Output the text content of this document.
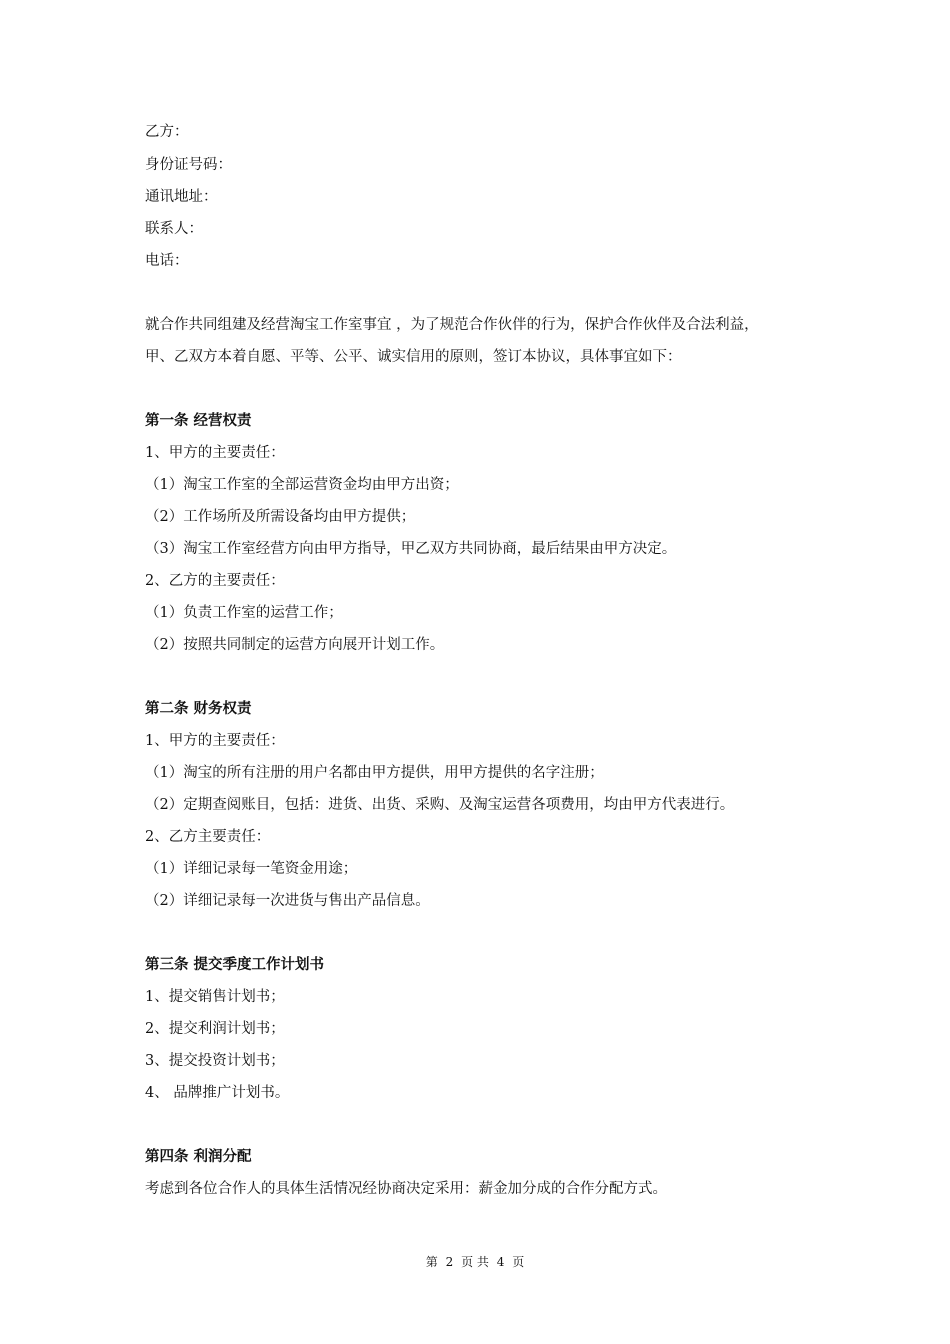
乙方：
身份证号码：
通讯地址：
联系人：
电话：
就合作共同组建及经营淘宝工作室事宜 ，为了规范合作伙伴的行为，保护合作伙伴及合法利益，
甲、乙双方本着自愿、平等、公平、诚实信用的原则，签订本协议，具体事宜如下：
第一条 经营权责
1、甲方的主要责任：
（1）淘宝工作室的全部运营资金均由甲方出资；
（2）工作场所及所需设备均由甲方提供；
（3）淘宝工作室经营方向由甲方指导，甲乙双方共同协商，最后结果由甲方决定。
2、乙方的主要责任：
（1）负责工作室的运营工作；
（2）按照共同制定的运营方向展开计划工作。
第二条 财务权责
1、甲方的主要责任：
（1）淘宝的所有注册的用户名都由甲方提供，用甲方提供的名字注册；
（2）定期查阅账目，包括：进货、出货、采购、及淘宝运营各项费用，均由甲方代表进行。
2、乙方主要责任：
（1）详细记录每一笔资金用途；
（2）详细记录每一次进货与售出产品信息。
第三条 提交季度工作计划书
1、提交销售计划书；
2、提交利润计划书；
3、提交投资计划书；
4、 品牌推广计划书。
第四条 利润分配
考虑到各位合作人的具体生活情况经协商决定采用：薪金加分成的合作分配方式。
第 2 页 共 4 页
